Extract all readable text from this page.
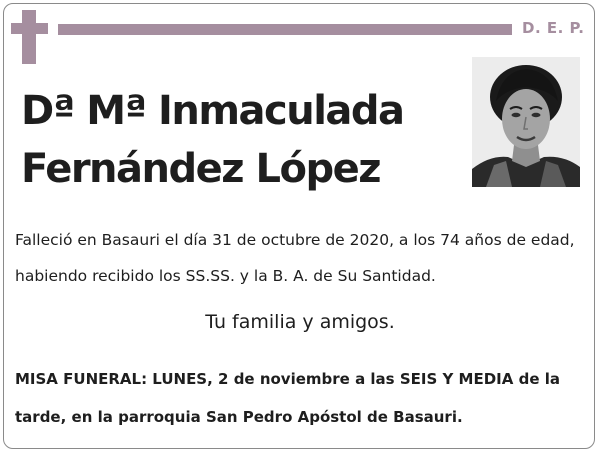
D. E. P.
Dª Mª Inmaculada
Fernández López
Falleció en Basauri el día 31 de octubre de 2020, a los 74 años de edad, habiendo recibido los SS.SS. y la B. A. de Su Santidad.
Tu familia y amigos.
MISA FUNERAL: LUNES, 2 de noviembre a las SEIS Y MEDIA de la tarde, en la parroquia San Pedro Apóstol de Basauri.
